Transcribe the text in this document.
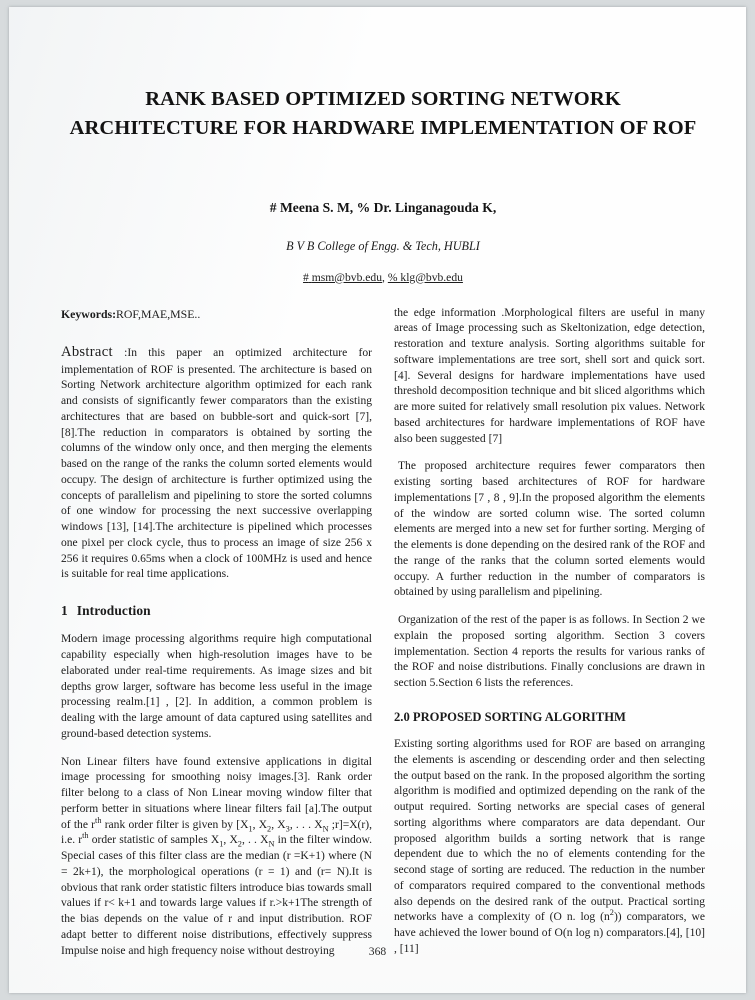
RANK BASED OPTIMIZED SORTING NETWORK ARCHITECTURE FOR HARDWARE IMPLEMENTATION OF ROF
# Meena S. M, % Dr. Linganagouda K,
B V B College of Engg. & Tech, HUBLI
# msm@bvb.edu, % klg@bvb.edu
Keywords:ROF,MAE,MSE..

Abstract :In this paper an optimized architecture for implementation of ROF is presented. The architecture is based on Sorting Network architecture algorithm optimized for each rank and consists of significantly fewer comparators than the existing architectures that are based on bubble-sort and quick-sort [7], [8].The reduction in comparators is obtained by sorting the columns of the window only once, and then merging the elements based on the range of the ranks the column sorted elements would occupy. The design of architecture is further optimized using the concepts of parallelism and pipelining to store the sorted columns of one window for processing the next successive overlapping windows [13], [14].The architecture is pipelined which processes one pixel per clock cycle, thus to process an image of size 256 x 256 it requires 0.65ms when a clock of 100MHz is used and hence is suitable for real time applications.

1 Introduction

Modern image processing algorithms require high computational capability especially when high-resolution images have to be elaborated under real-time requirements. As image sizes and bit depths grow larger, software has become less useful in the image processing realm.[1] , [2]. In addition, a common problem is dealing with the large amount of data captured using satellites and ground-based detection systems.

Non Linear filters have found extensive applications in digital image processing for smoothing noisy images.[3]. Rank order filter belong to a class of Non Linear moving window filter that perform better in situations where linear filters fail [a].The output of the $r^{th}$ rank order filter is given by [$X_1$, $X_2$, $X_3$, . . . $X_N$ ;r]=X(r), i.e. $r^{th}$ order statistic of samples $X_1$, $X_2$, . . $X_N$ in the filter window. Special cases of this filter class are the median (r =K+1) where (N = 2k+1), the morphological operations (r = 1) and (r= N).It is obvious that rank order statistic filters introduce bias towards small values if r< k+1 and towards large values if r.>k+1The strength of the bias depends on the value of r and input distribution. ROF adapt better to different noise distributions, effectively suppress Impulse noise and high frequency noise without destroying

the edge information .Morphological filters are useful in many areas of Image processing such as Skeltonization, edge detection, restoration and texture analysis. Sorting algorithms suitable for software implementations are tree sort, shell sort and quick sort.[4]. Several designs for hardware implementations have used threshold decomposition technique and bit sliced algorithms which are more suited for relatively small resolution pix values. Network based architectures for hardware implementations of ROF have also been suggested [7]

The proposed architecture requires fewer comparators then existing sorting based architectures of ROF for hardware implementations [7 , 8 , 9].In the proposed algorithm the elements of the window are sorted column wise. The sorted column elements are merged into a new set for further sorting. Merging of the elements is done depending on the desired rank of the ROF and the range of the ranks that the column sorted elements would occupy. A further reduction in the number of comparators is obtained by using parallelism and pipelining.

Organization of the rest of the paper is as follows. In Section 2 we explain the proposed sorting algorithm. Section 3 covers implementation. Section 4 reports the results for various ranks of the ROF and noise distributions. Finally conclusions are drawn in section 5.Section 6 lists the references.

2.0 PROPOSED SORTING ALGORITHM

Existing sorting algorithms used for ROF are based on arranging the elements is ascending or descending order and then selecting the output based on the rank. In the proposed algorithm the sorting algorithm is modified and optimized depending on the rank of the output required. Sorting networks are special cases of general sorting algorithms where comparators are data dependant. Our proposed algorithm builds a sorting network that is range dependent due to which the no of elements contending for the second stage of sorting are reduced. The reduction in the number of comparators required compared to the conventional methods also depends on the desired rank of the output. Practical sorting networks have a complexity of (O n. $\log (n^2)$) comparators, we have achieved the lower bound of O(n log n) comparators.[4], [10] , [11]

368
